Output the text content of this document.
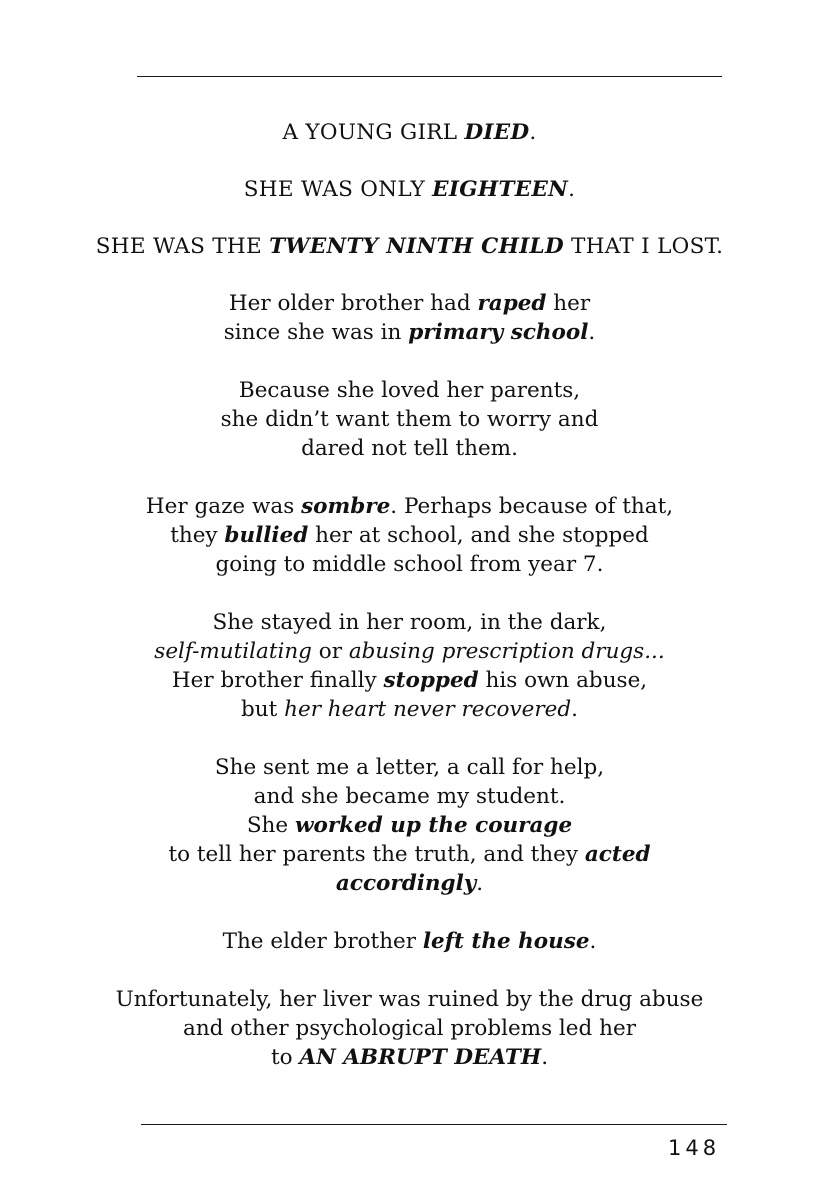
A YOUNG GIRL DIED.
SHE WAS ONLY EIGHTEEN.
SHE WAS THE TWENTY NINTH CHILD THAT I LOST.
Her older brother had raped her
since she was in primary school.
Because she loved her parents,
she didn’t want them to worry and
dared not tell them.
Her gaze was sombre. Perhaps because of that,
they bullied her at school, and she stopped
going to middle school from year 7.
She stayed in her room, in the dark,
self-mutilating or abusing prescription drugs...
Her brother finally stopped his own abuse,
but her heart never recovered.
She sent me a letter, a call for help,
and she became my student.
She worked up the courage
to tell her parents the truth, and they acted
accordingly.
The elder brother left the house.
Unfortunately, her liver was ruined by the drug abuse
and other psychological problems led her
to AN ABRUPT DEATH.
148
